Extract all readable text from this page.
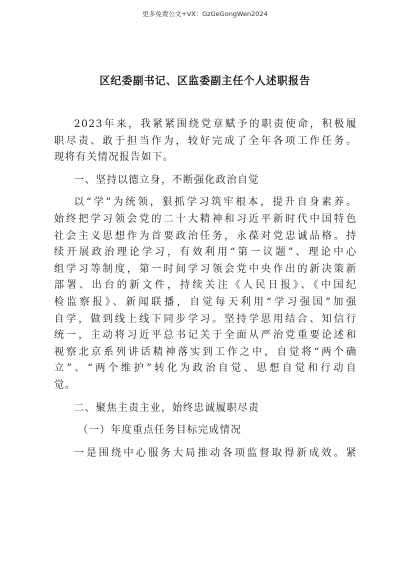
更多免费公文+VX：GzGeGongWen2024
区纪委副书记、区监委副主任个人述职报告
2023年来，我紧紧围绕党章赋予的职责使命，积极履
职尽责、敢于担当作为，较好完成了全年各项工作任务。
现将有关情况报告如下。
一、坚持以德立身，不断强化政治自觉
以“学”为统领，狠抓学习筑牢根本，提升自身素养。
始终把学习领会党的二十大精神和习近平新时代中国特色
社会主义思想作为首要政治任务，永葆对党忠诚品格。持
续开展政治理论学习，有效利用“第一议题”、理论中心
组学习等制度，第一时间学习领会党中央作出的新决策新
部署、出台的新文件，持续关注《人民日报》、《中国纪
检监察报》、新闻联播，自觉每天利用“学习强国”加强
自学，做到线上线下同步学习。坚持学思用结合、知信行
统一，主动将习近平总书记关于全面从严治党重要论述和
视察北京系列讲话精神落实到工作之中，自觉将“两个确
立”、“两个维护”转化为政治自觉、思想自觉和行动自
觉。
二、聚焦主责主业，始终忠诚履职尽责
（一）年度重点任务目标完成情况
一是围绕中心服务大局推动各项监督取得新成效。紧
